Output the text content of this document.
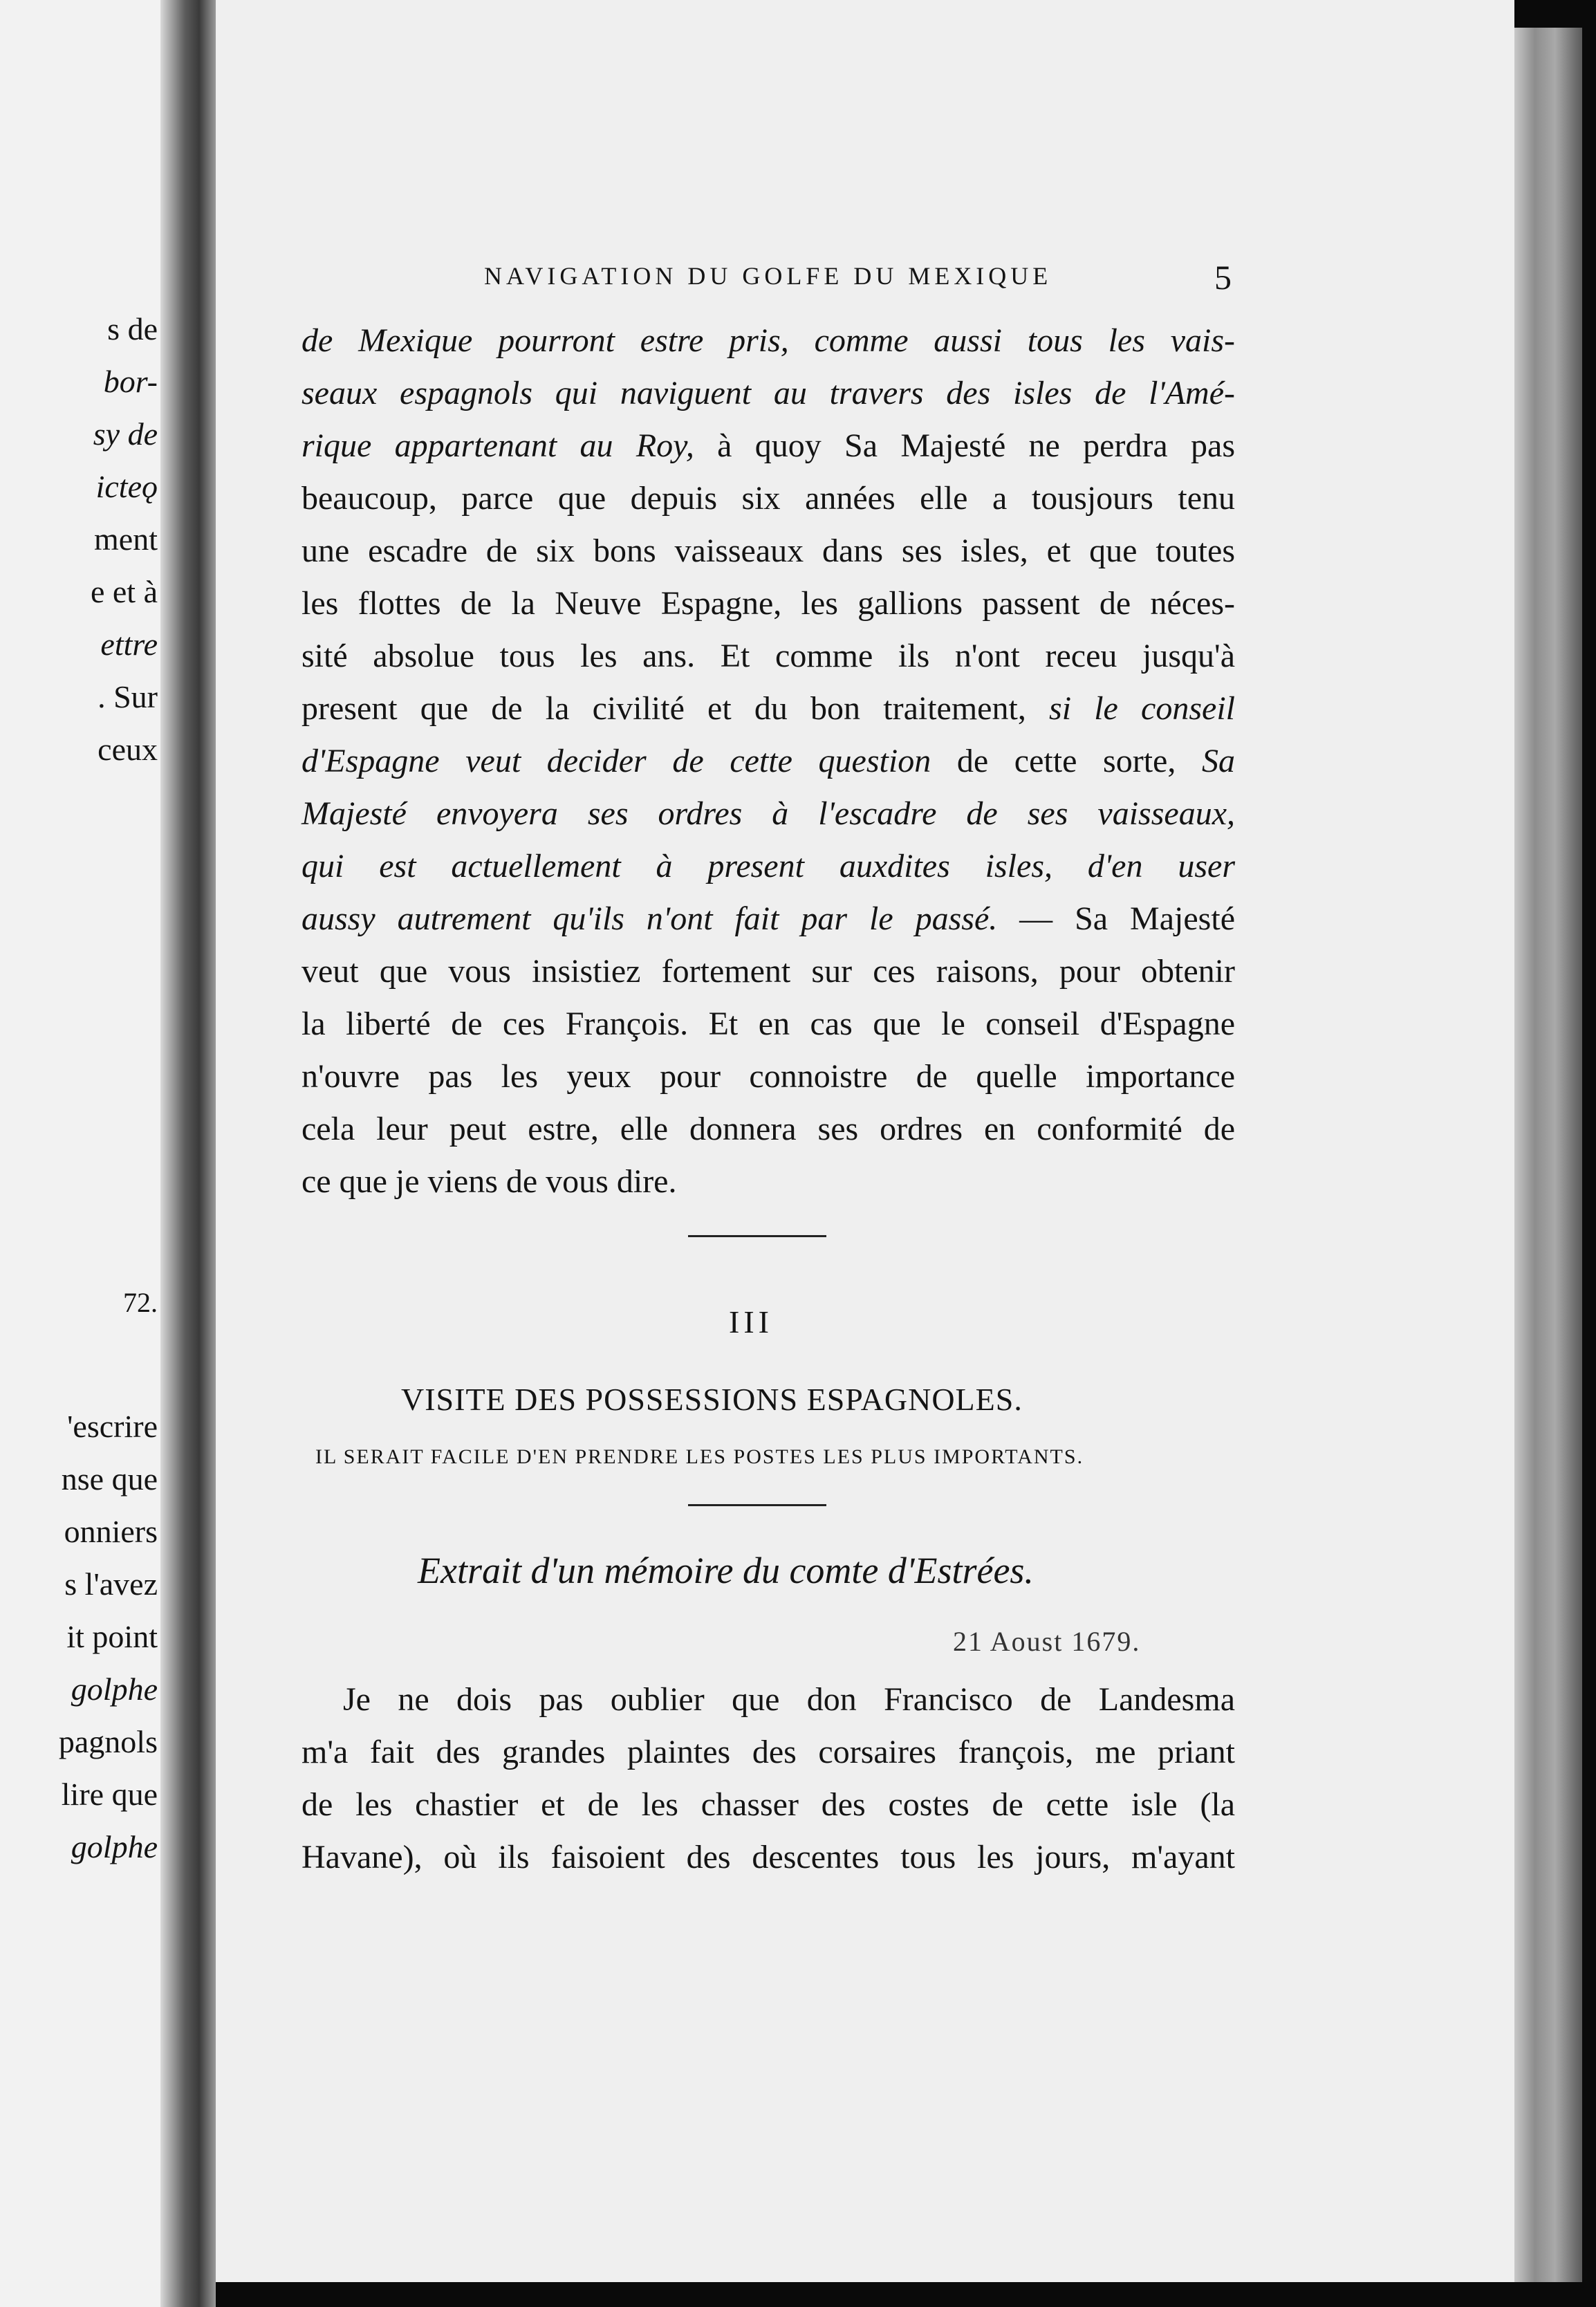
s de
bor-
sy de
icteǫ
ment
e et à
ettre
. Sur
ceux
72.
'escrire
nse que
onniers
s l'avez
it point
golphe
pagnols
lire que
golphe
NAVIGATION DU GOLFE DU MEXIQUE	5
de Mexique pourront estre pris, comme aussi tous les vais-
seaux espagnols qui naviguent au travers des isles de l'Amé-
rique appartenant au Roy, à quoy Sa Majesté ne perdra pas
beaucoup, parce que depuis six années elle a tousjours tenu
une escadre de six bons vaisseaux dans ses isles, et que toutes
les flottes de la Neuve Espagne, les gallions passent de néces-
sité absolue tous les ans. Et comme ils n'ont receu jusqu'à
present que de la civilité et du bon traitement, si le conseil
d'Espagne veut decider de cette question de cette sorte, Sa
Majesté envoyera ses ordres à l'escadre de ses vaisseaux,
qui est actuellement à present auxdites isles, d'en user
aussy autrement qu'ils n'ont fait par le passé. — Sa Majesté
veut que vous insistiez fortement sur ces raisons, pour obtenir
la liberté de ces François. Et en cas que le conseil d'Espagne
n'ouvre pas les yeux pour connoistre de quelle importance
cela leur peut estre, elle donnera ses ordres en conformité de
ce que je viens de vous dire.
III
VISITE DES POSSESSIONS ESPAGNOLES.
IL SERAIT FACILE D'EN PRENDRE LES POSTES LES PLUS IMPORTANTS.
Extrait d'un mémoire du comte d'Estrées.
21 Aoust 1679.
Je ne dois pas oublier que don Francisco de Landesma
m'a fait des grandes plaintes des corsaires françois, me priant
de les chastier et de les chasser des costes de cette isle (la
Havane), où ils faisoient des descentes tous les jours, m'ayant
